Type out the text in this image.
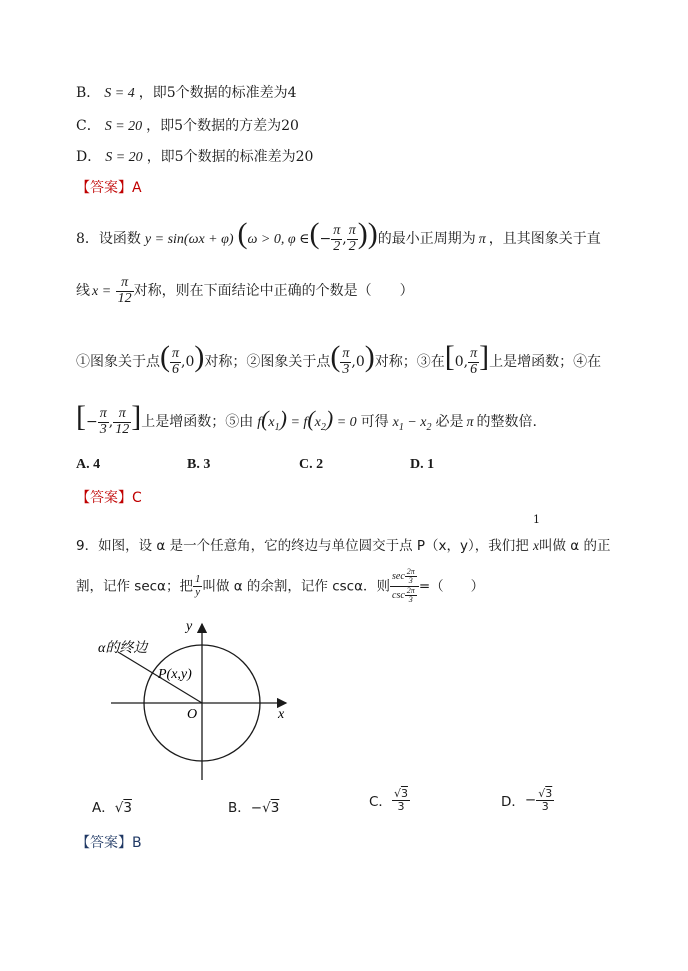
B． S = 4 ，即5个数据的标准差为4
C． S = 20 ，即5个数据的方差为20
D． S = 20 ，即5个数据的标准差为20
【答案】A
8．设函数 y = sin(ωx + φ) (ω > 0, φ ∈(− $\frac{\pi}{2}$ , $\frac{\pi}{2}$ ))的最小正周期为 π ，且其图象关于直
线 $x = \frac{\pi}{12}$ 对称，则在下面结论中正确的个数是（　　）
①图象关于点( $\frac{\pi}{6} ,0$)对称；②图象关于点( $\frac{\pi}{3} ,0$)对称；③在[0, $\frac{\pi}{6}$ ]上是增函数；④在
[− $\frac{\pi}{3}$ , $\frac{\pi}{12}$ ]上是增函数；⑤由 $f(x_1) = f(x_2) = 0$ 可得 $x_1 - x_2$ 必是 π 的整数倍.
A. 4	B. 3	C. 2	D. 1
【答案】C
9．如图，设 α 是一个任意角，它的终边与单位圆交于点 P（x，y），我们把
1
x叫做 α 的正
割，记作 secα；把 $\frac{1}{y}$ 叫做 α 的余割，记作 cscα．则 $\frac{\sec \frac{2\pi}{3}}{\csc \frac{2\pi}{3}}$ =（　　）
α的终边
P(x,y)
O	x
y
A．√3	B．−√3	C． $\frac{√3}{3}$	D．− $\frac{√3}{3}$
【答案】B
